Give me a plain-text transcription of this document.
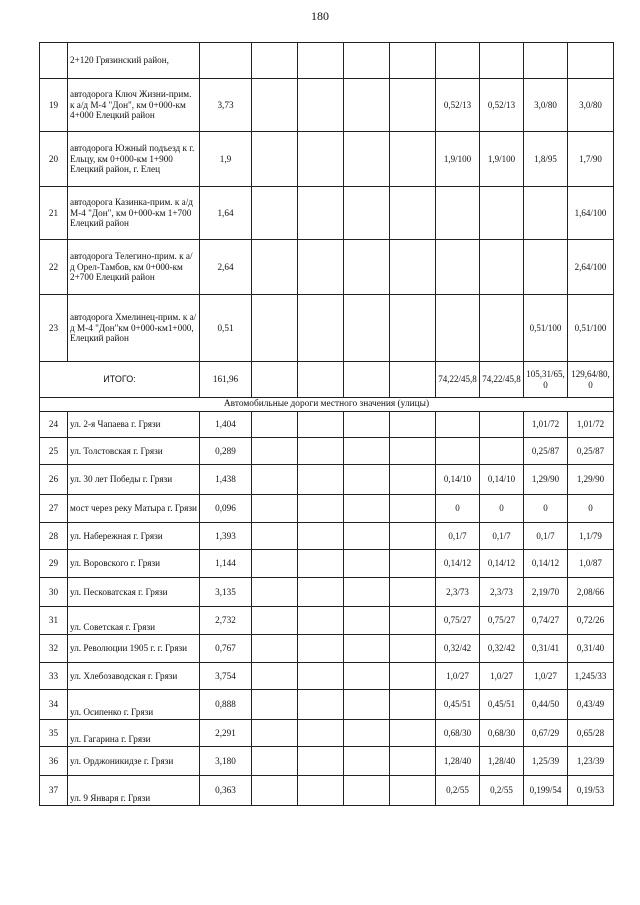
180
	2+120 Грязинский район,									
19	автодорога Ключ Жизни-прим. к а/д М-4 "Дон", км 0+000-км 4+000 Елецкий район	3,73					0,52/13	0,52/13	3,0/80	3,0/80
20	автодорога Южный подъезд к г. Ельцу, км 0+000-км 1+900 Елецкий район, г. Елец	1,9					1,9/100	1,9/100	1,8/95	1,7/90
21	автодорога Казинка-прим. к а/д М-4 "Дон", км 0+000-км 1+700 Елецкий район	1,64								1,64/100
22	автодорога Телегино-прим. к а/д Орел-Тамбов, км 0+000-км 2+700 Елецкий район	2,64								2,64/100
23	автодорога Хмелинец-прим. к а/д М-4 "Дон"км 0+000-км1+000, Елецкий район	0,51							0,51/100	0,51/100
ИТОГО:		161,96					74,22/45,8	74,22/45,8	105,31/65,0	129,64/80,0
Автомобильные дороги местного значения (улицы)										
24	ул. 2-я Чапаева г. Грязи	1,404							1,01/72	1,01/72
25	ул. Толстовская г. Грязи	0,289							0,25/87	0,25/87
26	ул. 30 лет Победы г. Грязи	1,438					0,14/10	0,14/10	1,29/90	1,29/90
27	мост через реку Матыра г. Грязи	0,096					0	0	0	0
28	ул. Набережная г. Грязи	1,393					0,1/7	0,1/7	0,1/7	1,1/79
29	ул. Воровского г. Грязи	1,144					0,14/12	0,14/12	0,14/12	1,0/87
30	ул. Песковатская г. Грязи	3,135					2,3/73	2,3/73	2,19/70	2,08/66
31	ул. Советская г. Грязи	2,732					0,75/27	0,75/27	0,74/27	0,72/26
32	ул. Революции 1905 г. г. Грязи	0,767					0,32/42	0,32/42	0,31/41	0,31/40
33	ул. Хлебозаводская г. Грязи	3,754					1,0/27	1,0/27	1,0/27	1,245/33
34	ул. Осипенко г. Грязи	0,888					0,45/51	0,45/51	0,44/50	0,43/49
35	ул. Гагарина г. Грязи	2,291					0,68/30	0,68/30	0,67/29	0,65/28
36	ул. Орджоникидзе г. Грязи	3,180					1,28/40	1,28/40	1,25/39	1,23/39
37	ул. 9 Января г. Грязи	0,363					0,2/55	0,2/55	0,199/54	0,19/53
